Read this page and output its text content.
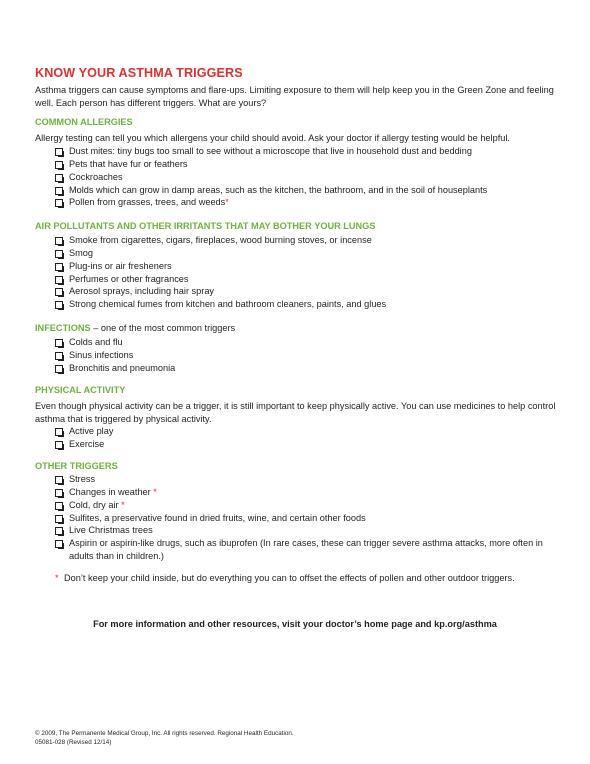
KNOW YOUR ASTHMA TRIGGERS
Asthma triggers can cause symptoms and flare-ups. Limiting exposure to them will help keep you in the Green Zone and feeling well. Each person has different triggers. What are yours?
COMMON ALLERGIES
Allergy testing can tell you which allergens your child should avoid. Ask your doctor if allergy testing would be helpful.
Dust mites: tiny bugs too small to see without a microscope that live in household dust and bedding
Pets that have fur or feathers
Cockroaches
Molds which can grow in damp areas, such as the kitchen, the bathroom, and in the soil of houseplants
Pollen from grasses, trees, and weeds*
AIR POLLUTANTS AND OTHER IRRITANTS THAT MAY BOTHER YOUR LUNGS
Smoke from cigarettes, cigars, fireplaces, wood burning stoves, or incense
Smog
Plug-ins or air fresheners
Perfumes or other fragrances
Aerosol sprays, including hair spray
Strong chemical fumes from kitchen and bathroom cleaners, paints, and glues
INFECTIONS – one of the most common triggers
Colds and flu
Sinus infections
Bronchitis and pneumonia
PHYSICAL ACTIVITY
Even though physical activity can be a trigger, it is still important to keep physically active. You can use medicines to help control asthma that is triggered by physical activity.
Active play
Exercise
OTHER TRIGGERS
Stress
Changes in weather *
Cold, dry air *
Sulfites, a preservative found in dried fruits, wine, and certain other foods
Live Christmas trees
Aspirin or aspirin-like drugs, such as ibuprofen (In rare cases, these can trigger severe asthma attacks, more often in adults than in children.)
* Don’t keep your child inside, but do everything you can to offset the effects of pollen and other outdoor triggers.
For more information and other resources, visit your doctor’s home page and kp.org/asthma
© 2009, The Permanente Medical Group, Inc. All rights reserved. Regional Health Education.
05081-028 (Revised 12/14)
